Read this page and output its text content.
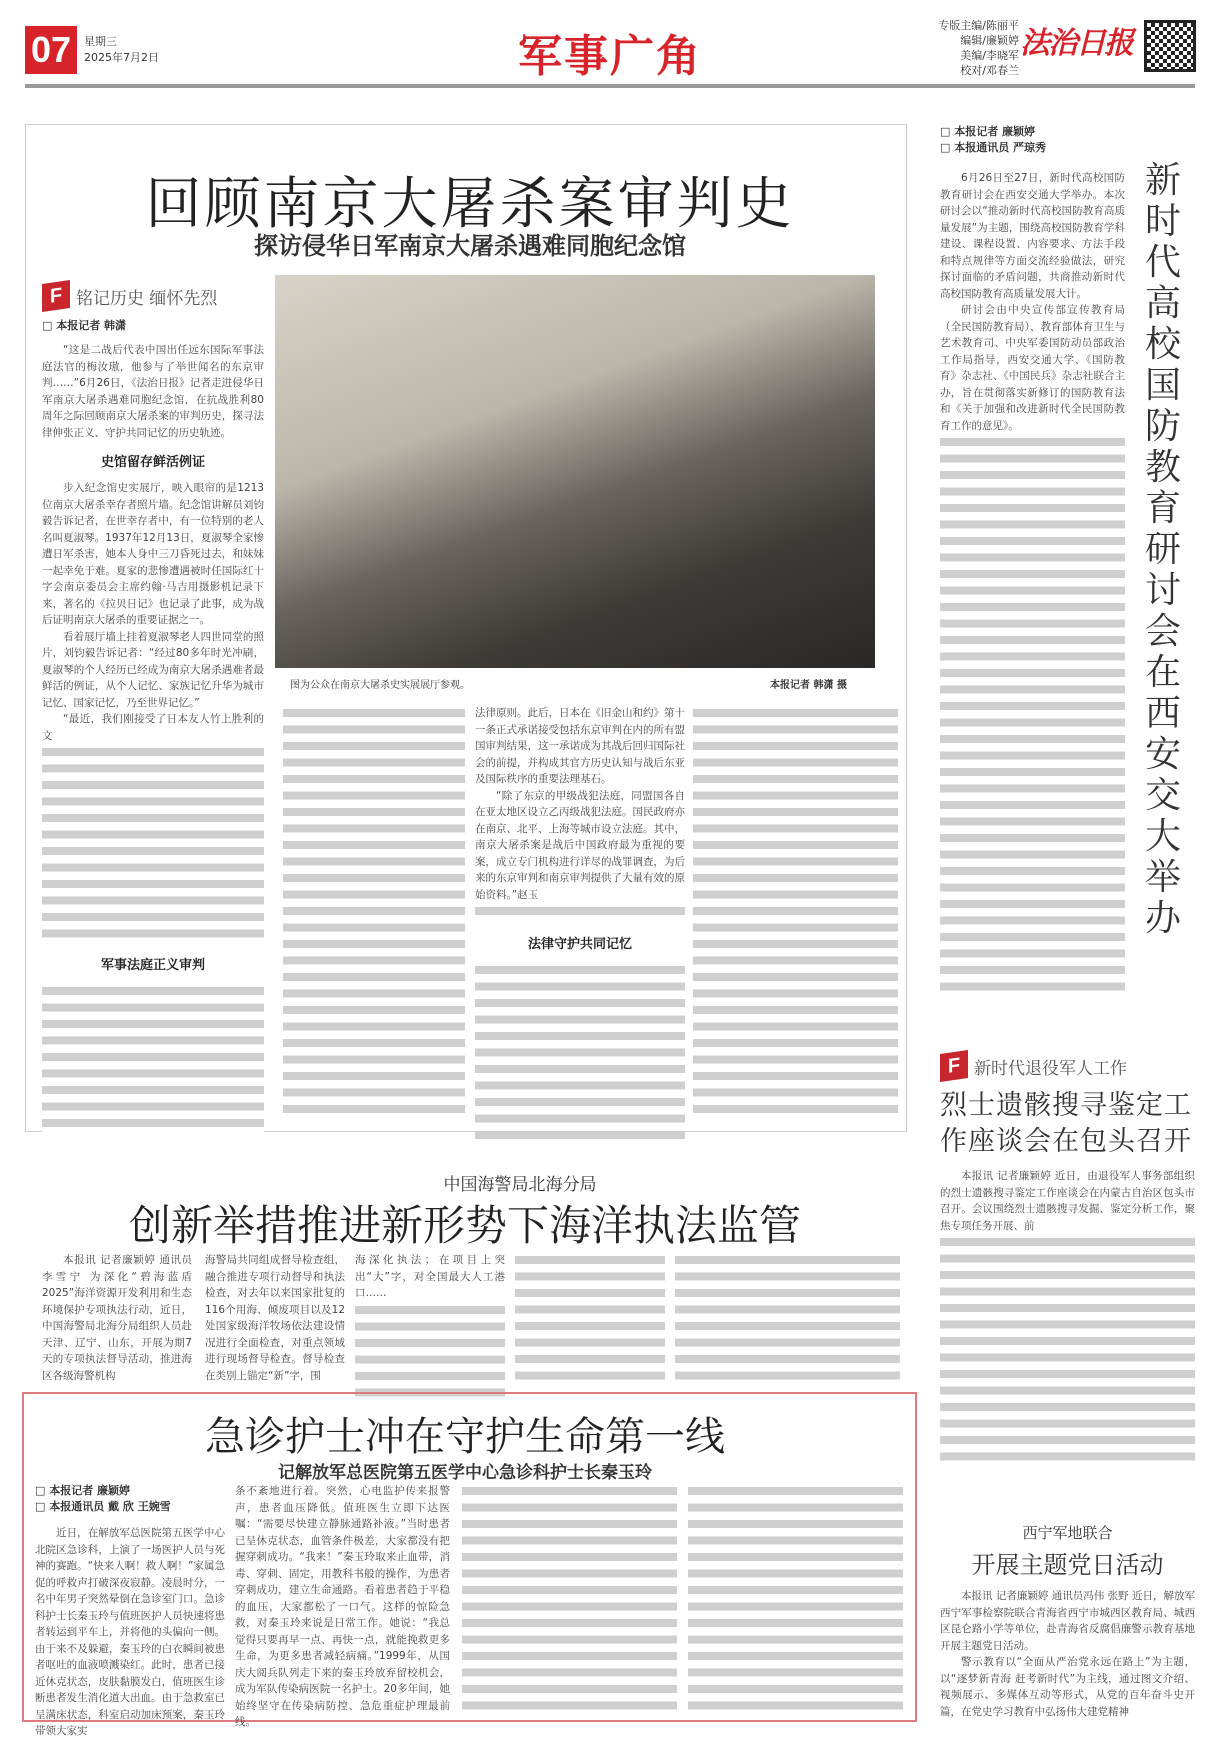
07	星期三
2025年7月2日	军事广角
专版主编/陈丽平
编辑/廉颖婷
美编/李晓军
校对/邓春兰
法治日报
回顾南京大屠杀案审判史
探访侵华日军南京大屠杀遇难同胞纪念馆
F 铭记历史 缅怀先烈
□ 本报记者 韩潇

“这是二战后代表中国出任远东国际军事法庭法官的梅汝璈，他参与了举世闻名的东京审判……”6月26日，《法治日报》记者走进侵华日军南京大屠杀遇难同胞纪念馆，在抗战胜利80周年之际回顾南京大屠杀案的审判历史，探寻法律伸张正义、守护共同记忆的历史轨迹。

史馆留存鲜活例证

步入纪念馆史实展厅，映入眼帘的是1213位南京大屠杀幸存者照片墙。纪念馆讲解员刘钧毅告诉记者，在世幸存者中，有一位特别的老人名叫夏淑琴。1937年12月13日，夏淑琴全家惨遭日军杀害，她本人身中三刀昏死过去，和妹妹一起幸免于难。夏家的悲惨遭遇被时任国际红十字会南京委员会主席约翰·马吉用摄影机记录下来，著名的《拉贝日记》也记录了此事，成为战后证明南京大屠杀的重要证据之一。

看着展厅墙上挂着夏淑琴老人四世同堂的照片，刘钧毅告诉记者：“经过80多年时光冲刷，夏淑琴的个人经历已经成为南京大屠杀遇难者最鲜活的例证，从个人记忆、家族记忆升华为城市记忆、国家记忆，乃至世界记忆。”

“最近，我们刚接受了日本友人竹上胜利的文

军事法庭正义审判
图为公众在南京大屠杀史实展展厅参观。	本报记者 韩潇 摄

法律原则。此后，日本在《旧金山和约》第十一条正式承诺接受包括东京审判在内的所有盟国审判结果，这一承诺成为其战后回归国际社会的前提，并构成其官方历史认知与战后东亚及国际秩序的重要法理基石。

“除了东京的甲级战犯法庭，同盟国各自在亚太地区设立乙丙级战犯法庭。国民政府亦在南京、北平、上海等城市设立法庭。其中，南京大屠杀案是战后中国政府最为重视的要案，成立专门机构进行详尽的战罪调查，为后来的东京审判和南京审判提供了大量有效的原始资料。”赵玉

法律守护共同记忆
□ 本报记者 廉颖婷
□ 本报通讯员 严琼秀

6月26日至27日，新时代高校国防教育研讨会在西安交通大学举办。本次研讨会以“推动新时代高校国防教育高质量发展”为主题，围绕高校国防教育学科建设、课程设置、内容要求、方法手段和特点规律等方面交流经验做法，研究探讨面临的矛盾问题，共商推动新时代高校国防教育高质量发展大计。

研讨会由中央宣传部宣传教育局（全民国防教育局）、教育部体育卫生与艺术教育司、中央军委国防动员部政治工作局指导，西安交通大学、《国防教育》杂志社、《中国民兵》杂志社联合主办，旨在贯彻落实新修订的国防教育法和《关于加强和改进新时代全民国防教育工作的意见》。

新时代高校国防教育研讨会在西安交大举办
F 新时代退役军人工作
烈士遗骸搜寻鉴定工作座谈会在包头召开

本报讯 记者廉颖婷 近日，由退役军人事务部组织的烈士遗骸搜寻鉴定工作座谈会在内蒙古自治区包头市召开。会议围绕烈士遗骸搜寻发掘、鉴定分析工作，聚焦专项任务开展、前

西宁军地联合
开展主题党日活动

本报讯 记者廉颖婷 通讯员冯伟 张野 近日，解放军西宁军事检察院联合青海省西宁市城西区教育局、城西区昆仑路小学等单位，赴青海省反腐倡廉警示教育基地开展主题党日活动。

警示教育以“全面从严治党永远在路上”为主题，以“逐梦新青海 赶考新时代”为主线，通过图文介绍、视频展示、多媒体互动等形式，从党的百年奋斗史开篇，在党史学习教育中弘扬伟大建党精神

中国海警局北海分局
创新举措推进新形势下海洋执法监管

本报讯 记者廉颖婷 通讯员李雪宁 为深化“碧海蓝盾2025”海洋资源开发利用和生态环境保护专项执法行动，近日，中国海警局北海分局组织人员赴天津、辽宁、山东，开展为期7天的专项执法督导活动，推进海区各级海警机构

海警局共同组成督导检查组，融合推进专项行动督导和执法检查，对去年以来国家批复的116个用海、倾废项目以及12处国家级海洋牧场依法建设情况进行全面检查，对重点领域进行现场督导检查。督导检查在类别上锚定“新”字，围

海深化执法；在项目上突出“大”字，对全国最大人工港口……

急诊护士冲在守护生命第一线
记解放军总医院第五医学中心急诊科护士长秦玉玲
□ 本报记者 廉颖婷
□ 本报通讯员 戴 欣 王婉雪

近日，在解放军总医院第五医学中心北院区急诊科，上演了一场医护人员与死神的赛跑。“快来人啊！救人啊！”家属急促的呼救声打破深夜寂静。凌晨时分，一名中年男子突然晕倒在急诊室门口。急诊科护士长秦玉玲与值班医护人员快速将患者转运到平车上，并将他的头偏向一侧。由于来不及躲避，秦玉玲的白衣瞬间被患者呕吐的血液喷溅染红。此时，患者已接近休克状态，皮肤黏膜发白，值班医生诊断患者发生消化道大出血。由于急救室已呈满床状态，科室启动加床预案，秦玉玲带领大家实

条不紊地进行着。突然，心电监护传来报警声，患者血压降低。值班医生立即下达医嘱：“需要尽快建立静脉通路补液。”当时患者已呈休克状态，血管条件极差，大家都没有把握穿刺成功。“我来！”秦玉玲取来止血带，消毒、穿刺、固定，用教科书般的操作，为患者穿刺成功，建立生命通路。看着患者趋于平稳的血压，大家都松了一口气。这样的惊险急救，对秦玉玲来说是日常工作。她说：“我总觉得只要再早一点、再快一点，就能挽救更多生命，为更多患者减轻病痛。”1999年，从国庆大阅兵队列走下来的秦玉玲放弃留校机会，成为军队传染病医院一名护士。20多年间，她始终坚守在传染病防控、急危重症护理最前线。
